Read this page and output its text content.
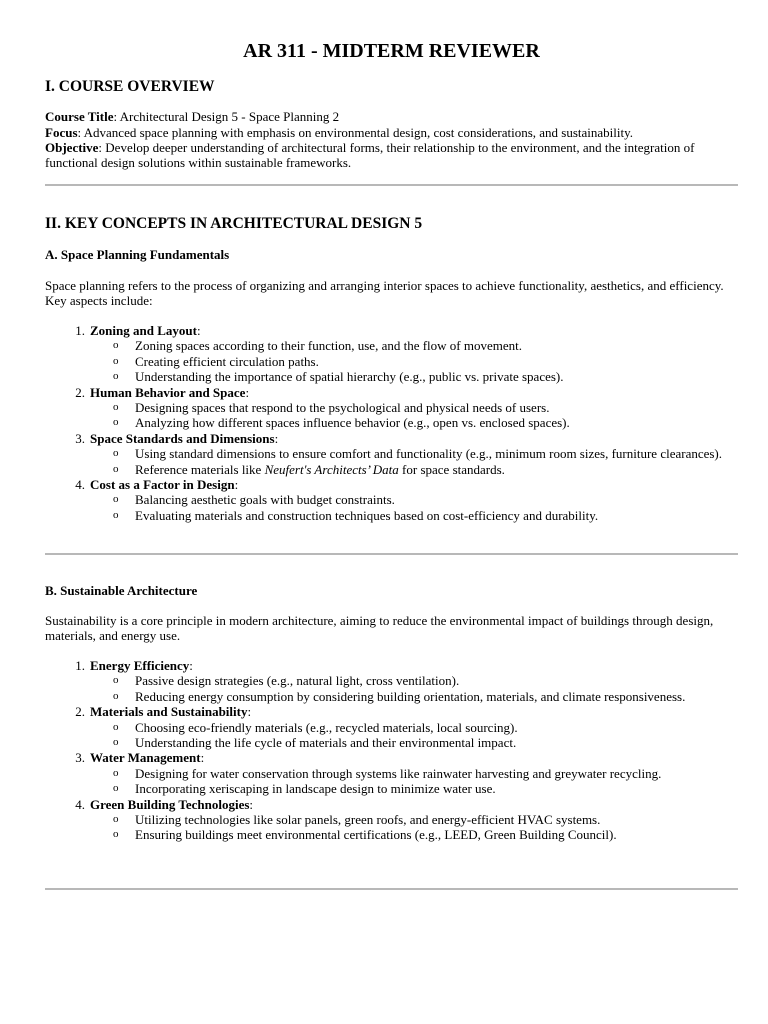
AR 311 - MIDTERM REVIEWER
I. COURSE OVERVIEW
Course Title: Architectural Design 5 - Space Planning 2
Focus: Advanced space planning with emphasis on environmental design, cost considerations, and sustainability.
Objective: Develop deeper understanding of architectural forms, their relationship to the environment, and the integration of functional design solutions within sustainable frameworks.
II. KEY CONCEPTS IN ARCHITECTURAL DESIGN 5
A. Space Planning Fundamentals
Space planning refers to the process of organizing and arranging interior spaces to achieve functionality, aesthetics, and efficiency. Key aspects include:
1. Zoning and Layout:
o Zoning spaces according to their function, use, and the flow of movement.
o Creating efficient circulation paths.
o Understanding the importance of spatial hierarchy (e.g., public vs. private spaces).
2. Human Behavior and Space:
o Designing spaces that respond to the psychological and physical needs of users.
o Analyzing how different spaces influence behavior (e.g., open vs. enclosed spaces).
3. Space Standards and Dimensions:
o Using standard dimensions to ensure comfort and functionality (e.g., minimum room sizes, furniture clearances).
o Reference materials like Neufert's Architects’ Data for space standards.
4. Cost as a Factor in Design:
o Balancing aesthetic goals with budget constraints.
o Evaluating materials and construction techniques based on cost-efficiency and durability.
B. Sustainable Architecture
Sustainability is a core principle in modern architecture, aiming to reduce the environmental impact of buildings through design, materials, and energy use.
1. Energy Efficiency:
o Passive design strategies (e.g., natural light, cross ventilation).
o Reducing energy consumption by considering building orientation, materials, and climate responsiveness.
2. Materials and Sustainability:
o Choosing eco-friendly materials (e.g., recycled materials, local sourcing).
o Understanding the life cycle of materials and their environmental impact.
3. Water Management:
o Designing for water conservation through systems like rainwater harvesting and greywater recycling.
o Incorporating xeriscaping in landscape design to minimize water use.
4. Green Building Technologies:
o Utilizing technologies like solar panels, green roofs, and energy-efficient HVAC systems.
o Ensuring buildings meet environmental certifications (e.g., LEED, Green Building Council).
